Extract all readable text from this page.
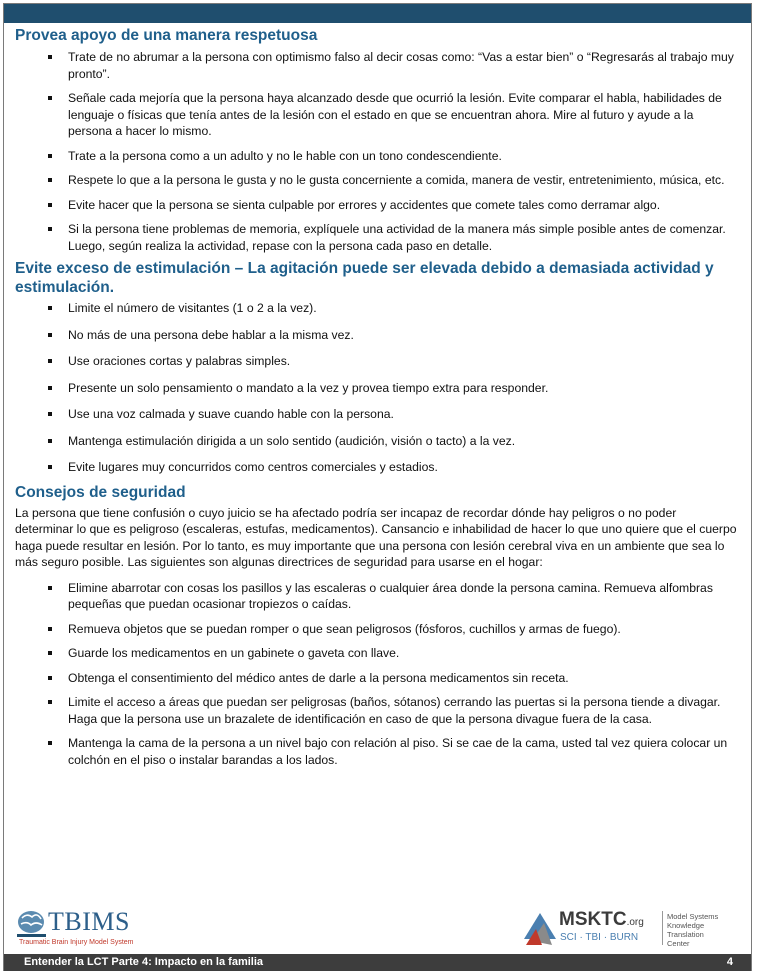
Provea apoyo de una manera respetuosa
Trate de no abrumar a la persona con optimismo falso al decir cosas como: “Vas a estar bien” o “Regresarás al trabajo muy pronto”.
Señale cada mejoría que la persona haya alcanzado desde que ocurrió la lesión. Evite comparar el habla, habilidades de lenguaje o físicas que tenía antes de la lesión con el estado en que se encuentran ahora. Mire al futuro y ayude a la persona a hacer lo mismo.
Trate a la persona como a un adulto y no le hable con un tono condescendiente.
Respete lo que a la persona le gusta y no le gusta concerniente a comida, manera de vestir, entretenimiento, música, etc.
Evite hacer que la persona se sienta culpable por errores y accidentes que comete tales como derramar algo.
Si la persona tiene problemas de memoria, explíquele una actividad de la manera más simple posible antes de comenzar. Luego, según realiza la actividad, repase con la persona cada paso en detalle.
Evite exceso de estimulación – La agitación puede ser elevada debido a demasiada actividad y estimulación.
Limite el número de visitantes (1 o 2 a la vez).
No más de una persona debe hablar a la misma vez.
Use oraciones cortas y palabras simples.
Presente un solo pensamiento o mandato a la vez y provea tiempo extra para responder.
Use una voz calmada y suave cuando hable con la persona.
Mantenga estimulación dirigida a un solo sentido (audición, visión o tacto) a la vez.
Evite lugares muy concurridos como centros comerciales y estadios.
Consejos de seguridad

La persona que tiene confusión o cuyo juicio se ha afectado podría ser incapaz de recordar dónde hay peligros o no poder determinar lo que es peligroso (escaleras, estufas, medicamentos). Cansancio e inhabilidad de hacer lo que uno quiere que el cuerpo haga puede resultar en lesión. Por lo tanto, es muy importante que una persona con lesión cerebral viva en un ambiente que sea lo más seguro posible. Las siguientes son algunas directrices de seguridad para usarse en el hogar:

Elimine abarrotar con cosas los pasillos y las escaleras o cualquier área donde la persona camina. Remueva alfombras pequeñas que puedan ocasionar tropiezos o caídas.
Remueva objetos que se puedan romper o que sean peligrosos (fósforos, cuchillos y armas de fuego).
Guarde los medicamentos en un gabinete o gaveta con llave.
Obtenga el consentimiento del médico antes de darle a la persona medicamentos sin receta.
Limite el acceso a áreas que puedan ser peligrosas (baños, sótanos) cerrando las puertas si la persona tiende a divagar. Haga que la persona use un brazalete de identificación en caso de que la persona divague fuera de la casa.
Mantenga la cama de la persona a un nivel bajo con relación al piso. Si se cae de la cama, usted tal vez quiera colocar un colchón en el piso o instalar barandas a los lados.
TBIMS
Traumatic Brain Injury Model System
MSKTC.org
SCI · TBI · BURN
Model Systems
Knowledge Translation
Center
Entender la LCT Parte 4: Impacto en la familia	4
